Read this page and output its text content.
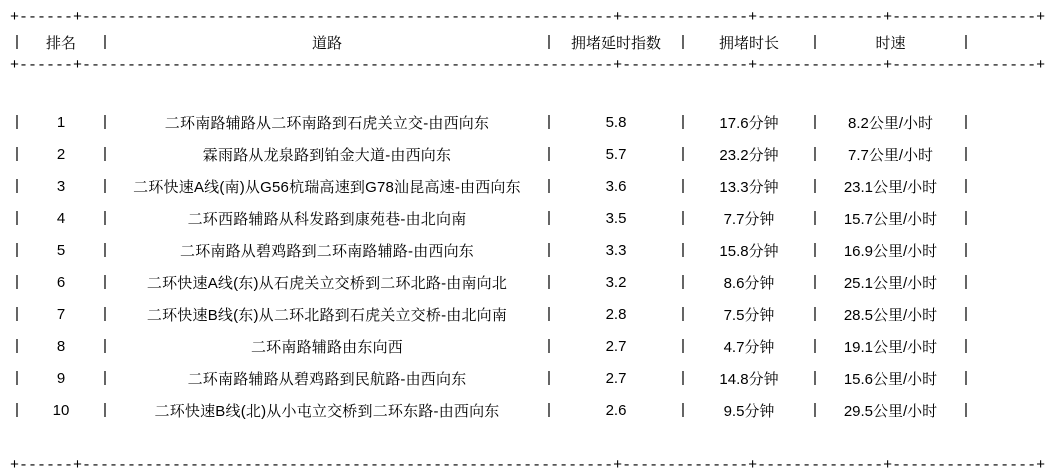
+------+-----------------------------------------------------------+--------------+--------------+----------------+
|	排名	|	道路	|	拥堵延时指数	|	拥堵时长	|	时速	|
+------+-----------------------------------------------------------+--------------+--------------+----------------+

|	1	|	二环南路辅路从二环南路到石虎关立交-由西向东	|	5.8	|	17.6分钟	|	8.2公里/小时	|
|	2	|	霖雨路从龙泉路到铂金大道-由西向东	|	5.7	|	23.2分钟	|	7.7公里/小时	|
|	3	|	二环快速A线(南)从G56杭瑞高速到G78汕昆高速-由西向东	|	3.6	|	13.3分钟	|	23.1公里/小时	|
|	4	|	二环西路辅路从科发路到康苑巷-由北向南	|	3.5	|	7.7分钟	|	15.7公里/小时	|
|	5	|	二环南路从碧鸡路到二环南路辅路-由西向东	|	3.3	|	15.8分钟	|	16.9公里/小时	|
|	6	|	二环快速A线(东)从石虎关立交桥到二环北路-由南向北	|	3.2	|	8.6分钟	|	25.1公里/小时	|
|	7	|	二环快速B线(东)从二环北路到石虎关立交桥-由北向南	|	2.8	|	7.5分钟	|	28.5公里/小时	|
|	8	|	二环南路辅路由东向西	|	2.7	|	4.7分钟	|	19.1公里/小时	|
|	9	|	二环南路辅路从碧鸡路到民航路-由西向东	|	2.7	|	14.8分钟	|	15.6公里/小时	|
|	10	|	二环快速B线(北)从小屯立交桥到二环东路-由西向东	|	2.6	|	9.5分钟	|	29.5公里/小时	|

+------+-----------------------------------------------------------+--------------+--------------+----------------+
